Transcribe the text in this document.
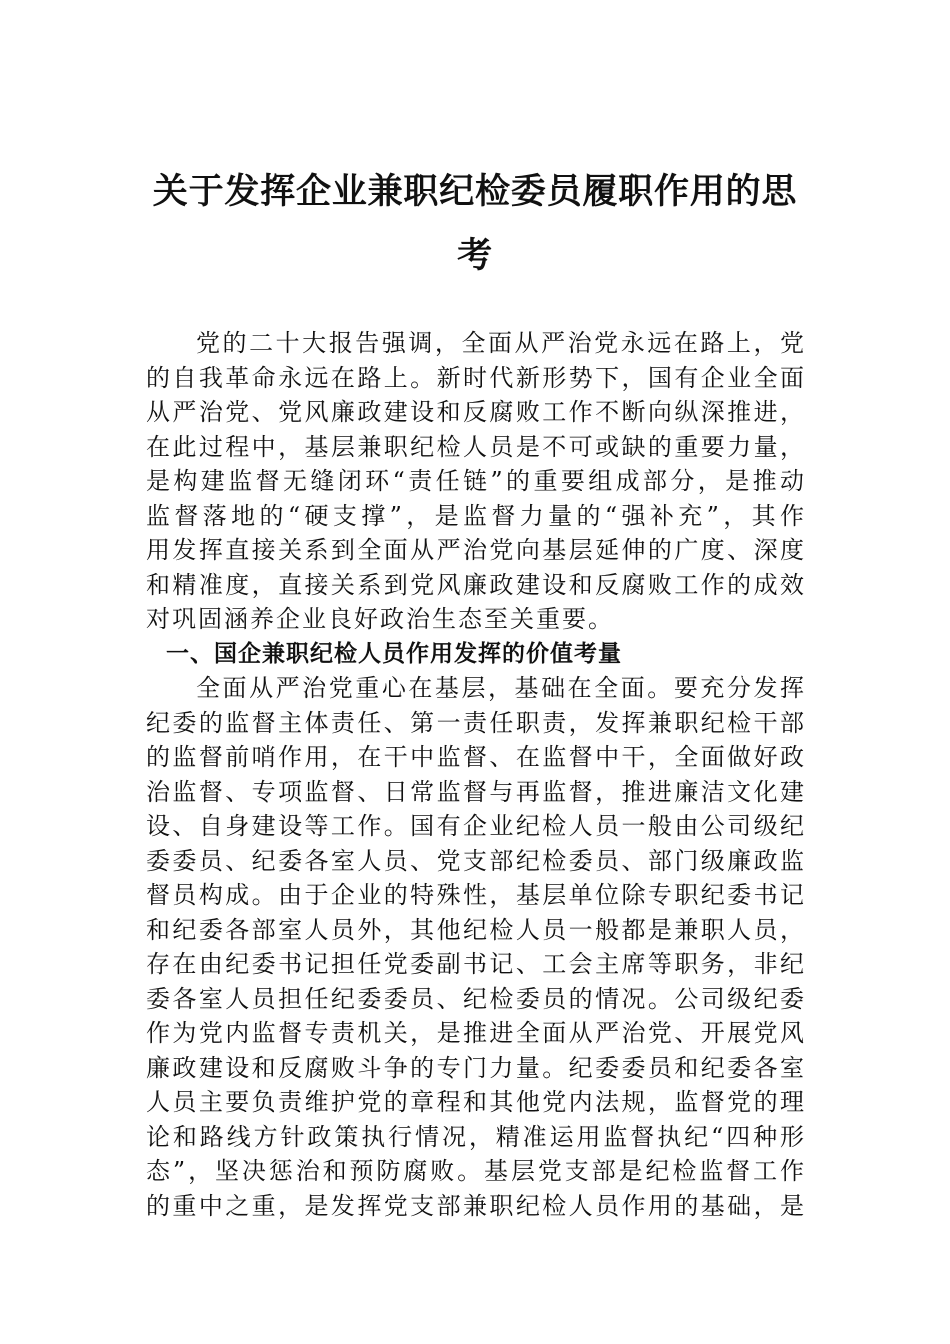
关于发挥企业兼职纪检委员履职作用的思
考
党的二十大报告强调，全面从严治党永远在路上，党
的自我革命永远在路上。新时代新形势下，国有企业全面
从严治党、党风廉政建设和反腐败工作不断向纵深推进，
在此过程中，基层兼职纪检人员是不可或缺的重要力量，
是构建监督无缝闭环“责任链”的重要组成部分，是推动
监督落地的“硬支撑”，是监督力量的“强补充”，其作
用发挥直接关系到全面从严治党向基层延伸的广度、深度
和精准度，直接关系到党风廉政建设和反腐败工作的成效
对巩固涵养企业良好政治生态至关重要。
一、国企兼职纪检人员作用发挥的价值考量
全面从严治党重心在基层，基础在全面。要充分发挥
纪委的监督主体责任、第一责任职责，发挥兼职纪检干部
的监督前哨作用，在干中监督、在监督中干，全面做好政
治监督、专项监督、日常监督与再监督，推进廉洁文化建
设、自身建设等工作。国有企业纪检人员一般由公司级纪
委委员、纪委各室人员、党支部纪检委员、部门级廉政监
督员构成。由于企业的特殊性，基层单位除专职纪委书记
和纪委各部室人员外，其他纪检人员一般都是兼职人员，
存在由纪委书记担任党委副书记、工会主席等职务，非纪
委各室人员担任纪委委员、纪检委员的情况。公司级纪委
作为党内监督专责机关，是推进全面从严治党、开展党风
廉政建设和反腐败斗争的专门力量。纪委委员和纪委各室
人员主要负责维护党的章程和其他党内法规，监督党的理
论和路线方针政策执行情况，精准运用监督执纪“四种形
态”，坚决惩治和预防腐败。基层党支部是纪检监督工作
的重中之重，是发挥党支部兼职纪检人员作用的基础，是
